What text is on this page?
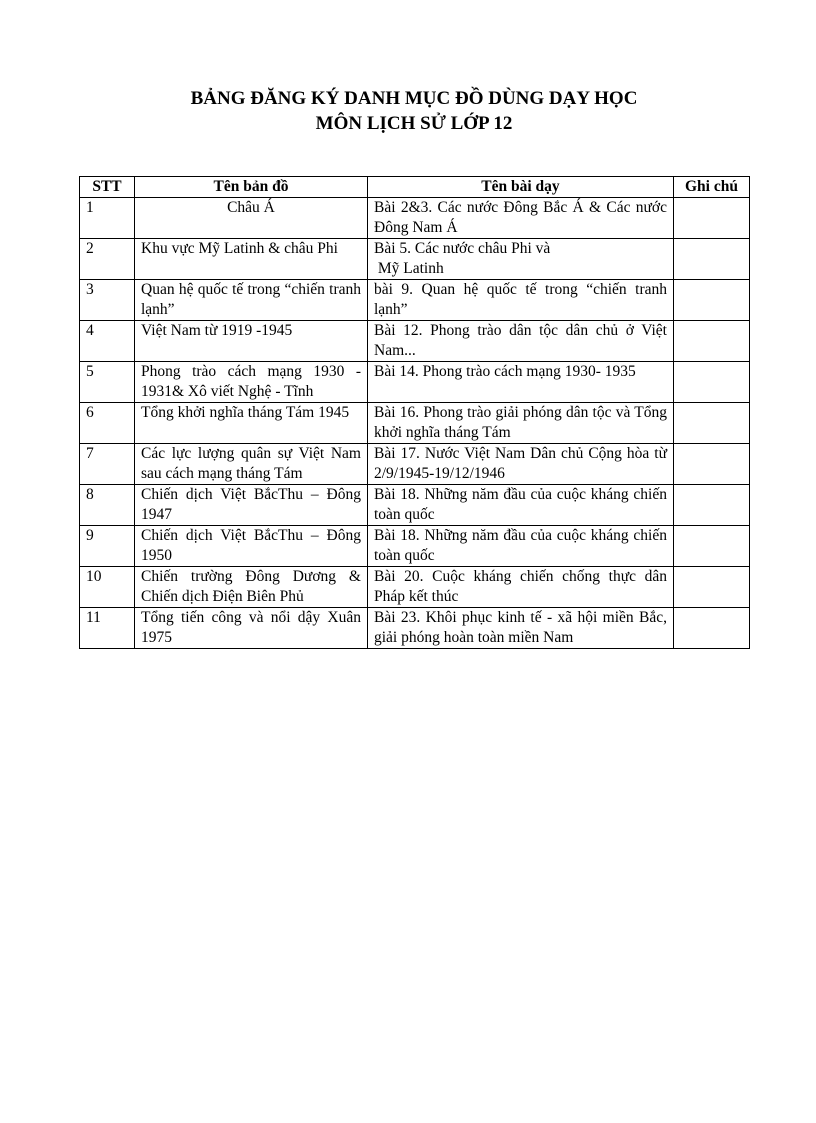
BẢNG ĐĂNG KÝ DANH MỤC ĐỒ DÙNG DẠY HỌC

MÔN LỊCH SỬ LỚP 12

STT	Tên bản đồ	Tên bài dạy	Ghi chú
1	Châu Á	Bài 2&3. Các nước Đông Bắc Á & Các nước Đông Nam Á	
2	Khu vực Mỹ Latinh & châu Phi	Bài 5. Các nước châu Phi và
Mỹ Latinh	

3	Quan hệ quốc tế trong “chiến tranh lạnh”	bài 9. Quan hệ quốc tế trong “chiến tranh lạnh”	
4	Việt Nam từ 1919 -1945	Bài 12. Phong trào dân tộc dân chủ ở Việt Nam...	
5	Phong trào cách mạng 1930 - 1931& Xô viết Nghệ - Tĩnh	Bài 14. Phong trào cách mạng 1930- 1935	
6	Tổng khởi nghĩa tháng Tám 1945	Bài 16. Phong trào giải phóng dân tộc và Tổng khởi nghĩa tháng Tám	
7	Các lực lượng quân sự Việt Nam sau cách mạng tháng Tám	Bài 17. Nước Việt Nam Dân chủ Cộng hòa từ 2/9/1945-19/12/1946	
8	Chiến dịch Việt BắcThu – Đông 1947	Bài 18. Những năm đầu của cuộc kháng chiến toàn quốc	
9	Chiến dịch Việt BắcThu – Đông 1950	Bài 18. Những năm đầu của cuộc kháng chiến toàn quốc	
10	Chiến trường Đông Dương & Chiến dịch Điện Biên Phủ	Bài 20. Cuộc kháng chiến chống thực dân Pháp kết thúc	
11	Tổng tiến công và nổi dậy Xuân 1975	Bài 23. Khôi phục kinh tế - xã hội miền Bắc, giải phóng hoàn toàn miền Nam	
